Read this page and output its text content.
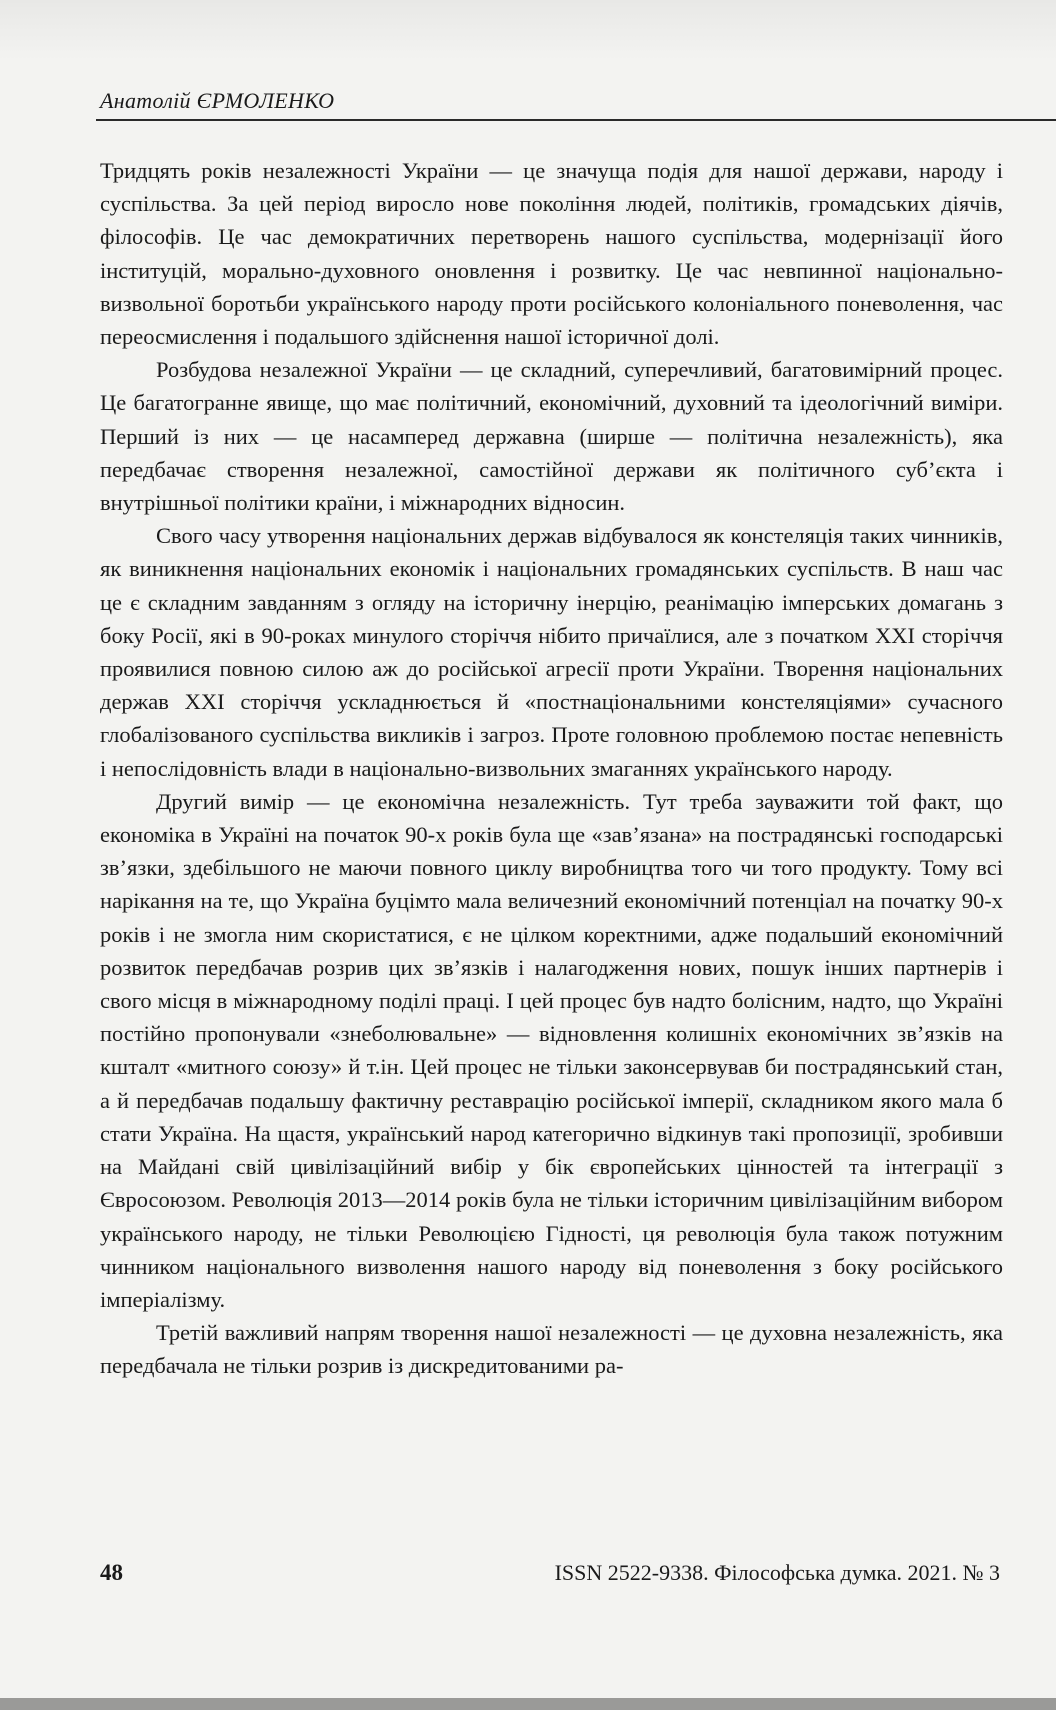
Анатолій ЄРМОЛЕНКО

Тридцять років незалежності України — це значуща подія для нашої держави, народу і суспільства. За цей період виросло нове покоління людей, політиків, громадських діячів, філософів. Це час демократичних перетворень нашого суспільства, модернізації його інституцій, морально-духовного оновлення і розвитку. Це час невпинної національно-визвольної боротьби українського народу проти російського колоніального поневолення, час переосмислення і подальшого здійснення нашої історичної долі.

Розбудова незалежної України — це складний, суперечливий, багатовимірний процес. Це багатогранне явище, що має політичний, економічний, духовний та ідеологічний виміри. Перший із них — це насамперед державна (ширше — політична незалежність), яка передбачає створення незалежної, самостійної держави як політичного суб’єкта і внутрішньої політики країни, і міжнародних відносин.

Свого часу утворення національних держав відбувалося як констеляція таких чинників, як виникнення національних економік і національних громадянських суспільств. В наш час це є складним завданням з огляду на історичну інерцію, реанімацію імперських домагань з боку Росії, які в 90-роках минулого сторіччя нібито причаїлися, але з початком XXI сторіччя проявилися повною силою аж до російської агресії проти України. Творення національних держав XXI сторіччя ускладнюється й «постнаціональними констеляціями» сучасного глобалізованого суспільства викликів і загроз. Проте головною проблемою постає непевність і непослідовність влади в національно-визвольних змаганнях українського народу.

Другий вимір — це економічна незалежність. Тут треба зауважити той факт, що економіка в Україні на початок 90-х років була ще «зав’язана» на пострадянські господарські зв’язки, здебільшого не маючи повного циклу виробництва того чи того продукту. Тому всі нарікання на те, що Україна буцімто мала величезний економічний потенціал на початку 90-х років і не змогла ним скористатися, є не цілком коректними, адже подальший економічний розвиток передбачав розрив цих зв’язків і налагодження нових, пошук інших партнерів і свого місця в міжнародному поділі праці. І цей процес був надто болісним, надто, що Україні постійно пропонували «знеболювальне» — відновлення колишніх економічних зв’язків на кшталт «митного союзу» й т.ін. Цей процес не тільки законсервував би пострадянський стан, а й передбачав подальшу фактичну реставрацію російської імперії, складником якого мала б стати Україна. На щастя, український народ категорично відкинув такі пропозиції, зробивши на Майдані свій цивілізаційний вибір у бік європейських цінностей та інтеграції з Євросоюзом. Революція 2013—2014 років була не тільки історичним цивілізаційним вибором українського народу, не тільки Революцією Гідності, ця революція була також потужним чинником національного визволення нашого народу від поневолення з боку російського імперіалізму.

Третій важливий напрям творення нашої незалежності — це духовна незалежність, яка передбачала не тільки розрив із дискредитованими ра-

48	ISSN 2522-9338. Філософська думка. 2021. № 3
